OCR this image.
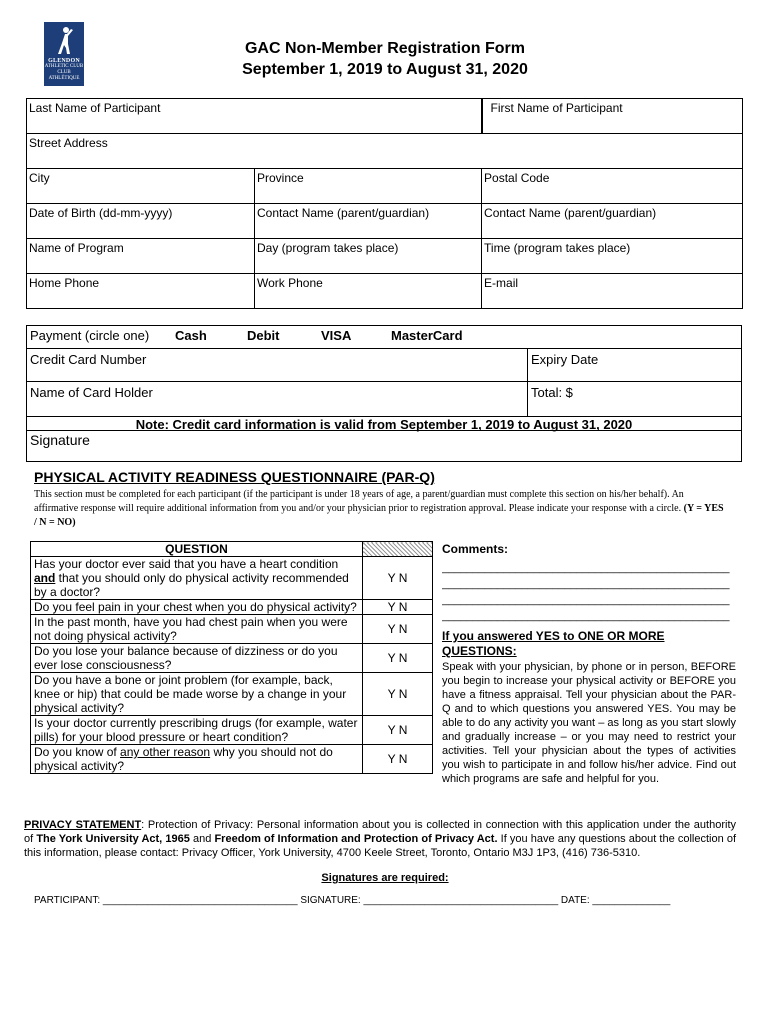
GLENDON
ATHLETIC CLUB
CLUB ATHLÉTIQUE
GAC Non-Member Registration Form
September 1, 2019 to August 31, 2020
Last Name of Participant		First Name of Participant
Street Address		
City	Province	Postal Code
Date of Birth (dd-mm-yyyy)	Contact Name (parent/guardian)	Contact Name (parent/guardian)
Name of Program	Day (program takes place)	Time (program takes place)
Home Phone	Work Phone	E-mail
Payment (circle one) Cash	Debit	VISA	MasterCard
Credit Card Number	Expiry Date
Name of Card Holder	Total: $
Note: Credit card information is valid from September 1, 2019 to August 31, 2020
Signature
PHYSICAL ACTIVITY READINESS QUESTIONNAIRE (PAR-Q)
This section must be completed for each participant (if the participant is under 18 years of age, a parent/guardian must complete this section on his/her behalf). An affirmative response will require additional information from you and/or your physician prior to registration approval. Please indicate your response with a circle. (Y = YES / N = NO)
QUESTION	
Has your doctor ever said that you have a heart condition and that you should only do physical activity recommended by a doctor?	Y N
Do you feel pain in your chest when you do physical activity?	Y N
In the past month, have you had chest pain when you were not doing physical activity?	Y N
Do you lose your balance because of dizziness or do you ever lose consciousness?	Y N
Do you have a bone or joint problem (for example, back, knee or hip) that could be made worse by a change in your physical activity?	Y N
Is your doctor currently prescribing drugs (for example, water pills) for your blood pressure or heart condition?	Y N
Do you know of any other reason why you should not do physical activity?	Y N
Comments:
_______________________________________________
_______________________________________________
_______________________________________________
_______________________________________________
If you answered YES to ONE OR MORE QUESTIONS:
Speak with your physician, by phone or in person, BEFORE you begin to increase your physical activity or BEFORE you have a fitness appraisal. Tell your physician about the PAR-Q and to which questions you answered YES. You may be able to do any activity you want – as long as you start slowly and gradually increase – or you may need to restrict your activities. Tell your physician about the types of activities you wish to participate in and follow his/her advice. Find out which programs are safe and helpful for you.
PRIVACY STATEMENT: Protection of Privacy: Personal information about you is collected in connection with this application under the authority of The York University Act, 1965 and Freedom of Information and Protection of Privacy Act. If you have any questions about the collection of this information, please contact: Privacy Officer, York University, 4700 Keele Street, Toronto, Ontario M3J 1P3, (416) 736-5310.
Signatures are required:
PARTICIPANT: ___________________________________ SIGNATURE: ___________________________________ DATE: ______________
